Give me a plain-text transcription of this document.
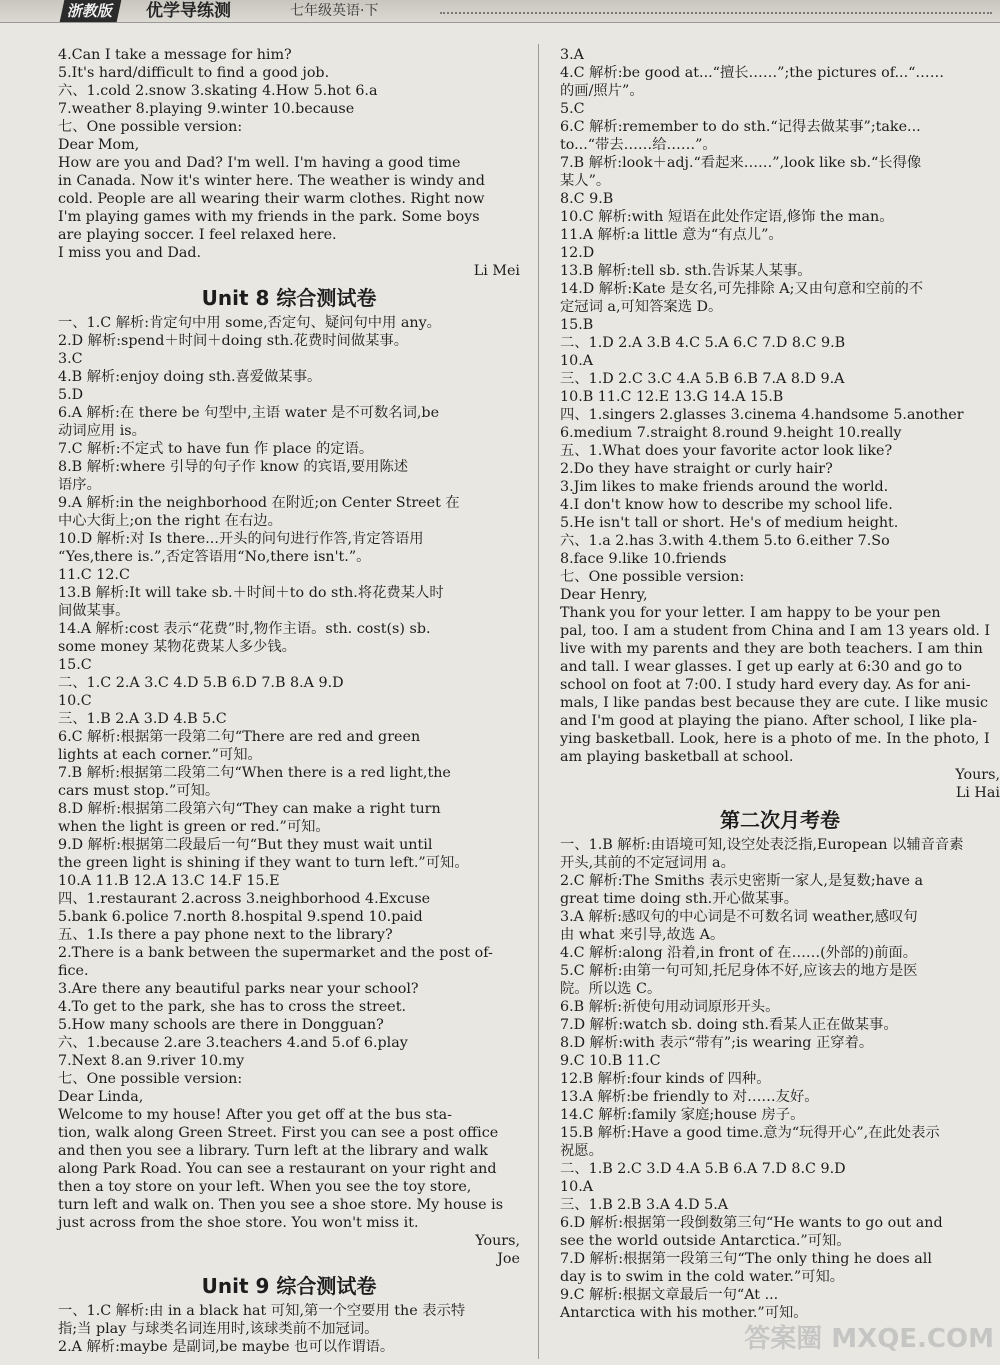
浙教版	优学导练测	七年级英语·下
4.Can I take a message for him?
5.It's hard/difficult to find a good job.
六、1.cold 2.snow 3.skating 4.How 5.hot 6.a
7.weather 8.playing 9.winter 10.because
七、One possible version:
Dear Mom,
How are you and Dad? I'm well. I'm having a good time
in Canada. Now it's winter here. The weather is windy and
cold. People are all wearing their warm clothes. Right now
I'm playing games with my friends in the park. Some boys
are playing soccer. I feel relaxed here.
I miss you and Dad.
Li Mei
Unit 8 综合测试卷
一、1.C 解析:肯定句中用 some,否定句、疑问句中用 any。
2.D 解析:spend＋时间＋doing sth.花费时间做某事。
3.C
4.B 解析:enjoy doing sth.喜爱做某事。
5.D
6.A 解析:在 there be 句型中,主语 water 是不可数名词,be
动词应用 is。
7.C 解析:不定式 to have fun 作 place 的定语。
8.B 解析:where 引导的句子作 know 的宾语,要用陈述
语序。
9.A 解析:in the neighborhood 在附近;on Center Street 在
中心大街上;on the right 在右边。
10.D 解析:对 Is there...开头的问句进行作答,肯定答语用
“Yes,there is.”,否定答语用“No,there isn't.”。
11.C 12.C
13.B 解析:It will take sb.＋时间＋to do sth.将花费某人时
间做某事。
14.A 解析:cost 表示“花费”时,物作主语。sth. cost(s) sb.
some money 某物花费某人多少钱。
15.C
二、1.C 2.A 3.C 4.D 5.B 6.D 7.B 8.A 9.D
10.C
三、1.B 2.A 3.D 4.B 5.C
6.C 解析:根据第一段第二句“There are red and green
lights at each corner.”可知。
7.B 解析:根据第二段第二句“When there is a red light,the
cars must stop.”可知。
8.D 解析:根据第二段第六句“They can make a right turn
when the light is green or red.”可知。
9.D 解析:根据第二段最后一句“But they must wait until
the green light is shining if they want to turn left.”可知。
10.A 11.B 12.A 13.C 14.F 15.E
四、1.restaurant 2.across 3.neighborhood 4.Excuse
5.bank 6.police 7.north 8.hospital 9.spend 10.paid
五、1.Is there a pay phone next to the library?
2.There is a bank between the supermarket and the post of-
fice.
3.Are there any beautiful parks near your school?
4.To get to the park, she has to cross the street.
5.How many schools are there in Dongguan?
六、1.because 2.are 3.teachers 4.and 5.of 6.play
7.Next 8.an 9.river 10.my
七、One possible version:
Dear Linda,
Welcome to my house! After you get off at the bus sta-
tion, walk along Green Street. First you can see a post office
and then you see a library. Turn left at the library and walk
along Park Road. You can see a restaurant on your right and
then a toy store on your left. When you see the toy store,
turn left and walk on. Then you see a shoe store. My house is
just across from the shoe store. You won't miss it.
Yours,
Joe
Unit 9 综合测试卷
一、1.C 解析:由 in a black hat 可知,第一个空要用 the 表示特
指;当 play 与球类名词连用时,该球类前不加冠词。
2.A 解析:maybe 是副词,be maybe 也可以作谓语。
3.A
4.C 解析:be good at...“擅长……”;the pictures of...“……
的画/照片”。
5.C
6.C 解析:remember to do sth.“记得去做某事”;take...
to...“带去……给……”。
7.B 解析:look＋adj.“看起来……”,look like sb.“长得像
某人”。
8.C 9.B
10.C 解析:with 短语在此处作定语,修饰 the man。
11.A 解析:a little 意为“有点儿”。
12.D
13.B 解析:tell sb. sth.告诉某人某事。
14.D 解析:Kate 是女名,可先排除 A;又由句意和空前的不
定冠词 a,可知答案选 D。
15.B
二、1.D 2.A 3.B 4.C 5.A 6.C 7.D 8.C 9.B
10.A
三、1.D 2.C 3.C 4.A 5.B 6.B 7.A 8.D 9.A
10.B 11.C 12.E 13.G 14.A 15.B
四、1.singers 2.glasses 3.cinema 4.handsome 5.another
6.medium 7.straight 8.round 9.height 10.really
五、1.What does your favorite actor look like?
2.Do they have straight or curly hair?
3.Jim likes to make friends around the world.
4.I don't know how to describe my school life.
5.He isn't tall or short. He's of medium height.
六、1.a 2.has 3.with 4.them 5.to 6.either 7.So
8.face 9.like 10.friends
七、One possible version:
Dear Henry,
Thank you for your letter. I am happy to be your pen
pal, too. I am a student from China and I am 13 years old. I
live with my parents and they are both teachers. I am thin
and tall. I wear glasses. I get up early at 6:30 and go to
school on foot at 7:00. I study hard every day. As for ani-
mals, I like pandas best because they are cute. I like music
and I'm good at playing the piano. After school, I like pla-
ying basketball. Look, here is a photo of me. In the photo, I
am playing basketball at school.
Yours,
Li Hai
第二次月考卷
一、1.B 解析:由语境可知,设空处表泛指,European 以辅音音素
开头,其前的不定冠词用 a。
2.C 解析:The Smiths 表示史密斯一家人,是复数;have a
great time doing sth.开心做某事。
3.A 解析:感叹句的中心词是不可数名词 weather,感叹句
由 what 来引导,故选 A。
4.C 解析:along 沿着,in front of 在……(外部的)前面。
5.C 解析:由第一句可知,托尼身体不好,应该去的地方是医
院。所以选 C。
6.B 解析:祈使句用动词原形开头。
7.D 解析:watch sb. doing sth.看某人正在做某事。
8.D 解析:with 表示“带有”;is wearing 正穿着。
9.C 10.B 11.C
12.B 解析:four kinds of 四种。
13.A 解析:be friendly to 对……友好。
14.C 解析:family 家庭;house 房子。
15.B 解析:Have a good time.意为“玩得开心”,在此处表示
祝愿。
二、1.B 2.C 3.D 4.A 5.B 6.A 7.D 8.C 9.D
10.A
三、1.B 2.B 3.A 4.D 5.A
6.D 解析:根据第一段倒数第三句“He wants to go out and
see the world outside Antarctica.”可知。
7.D 解析:根据第一段第三句“The only thing he does all
day is to swim in the cold water.”可知。
9.C 解析:根据文章最后一句“At ...
Antarctica with his mother.”可知。
答案圈 MXQE.COM
